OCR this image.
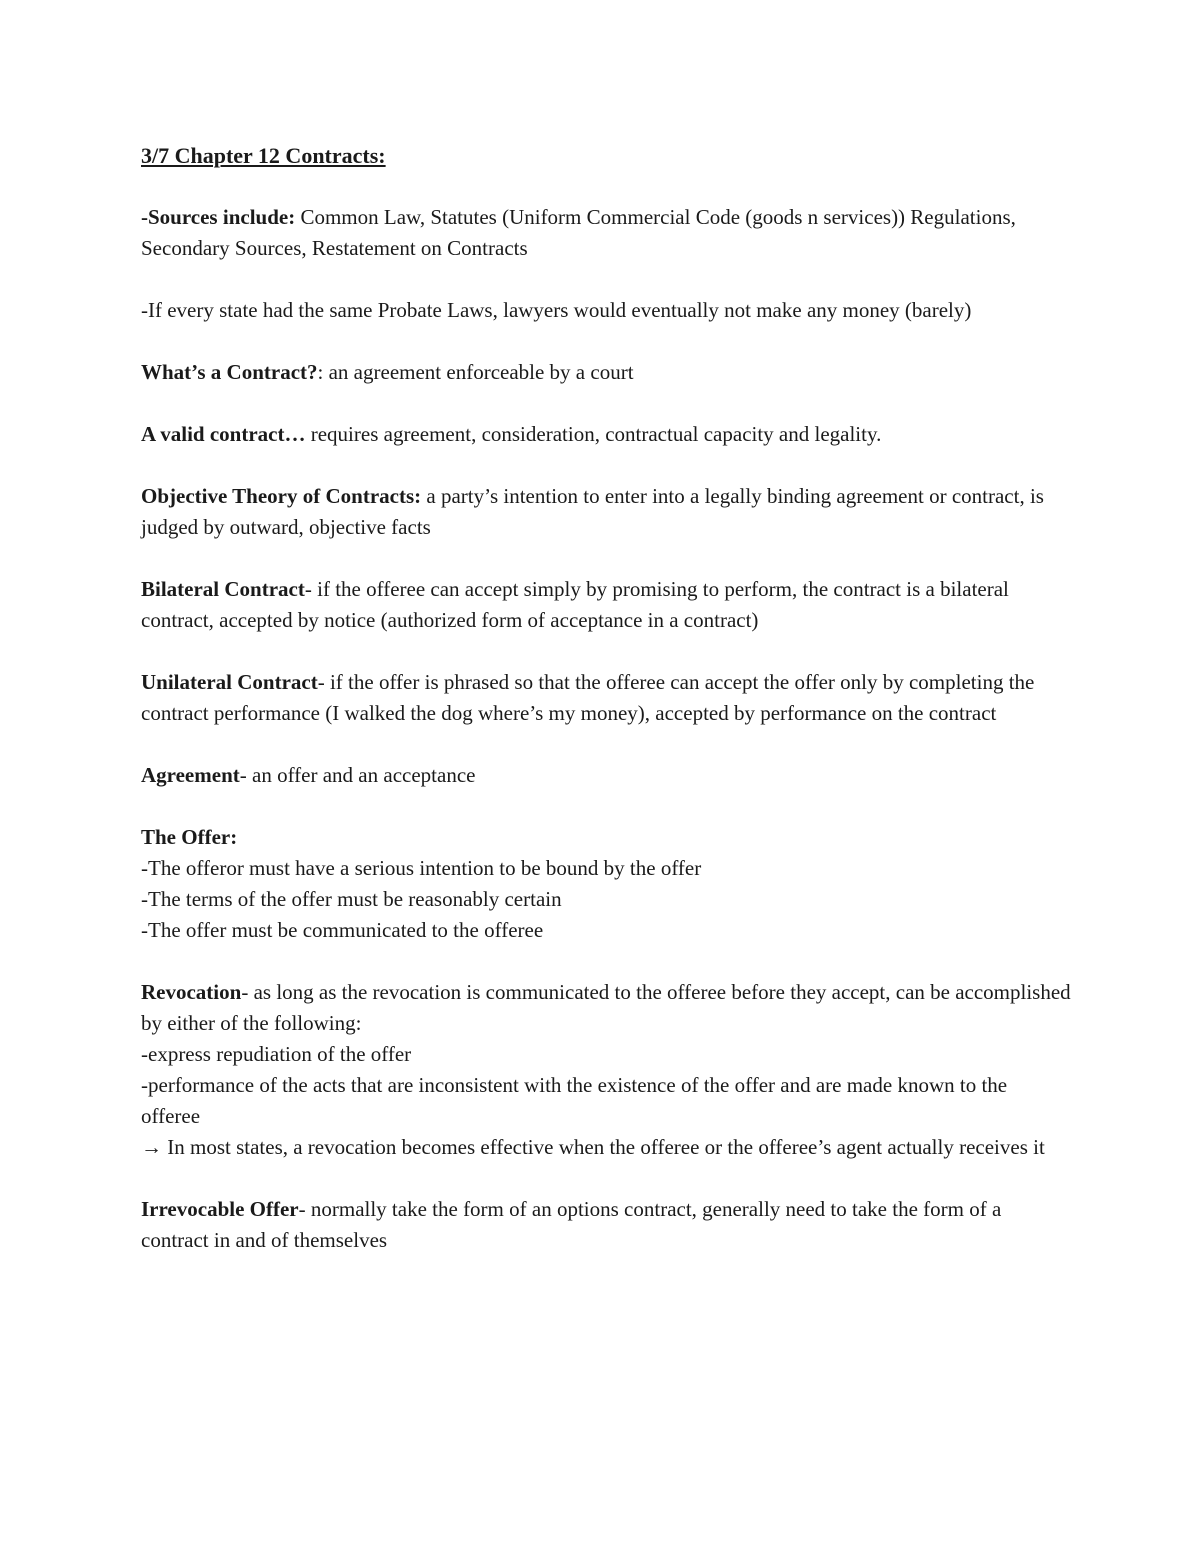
3/7 Chapter 12 Contracts:
-Sources include: Common Law, Statutes (Uniform Commercial Code (goods n services)) Regulations, Secondary Sources, Restatement on Contracts
-If every state had the same Probate Laws, lawyers would eventually not make any money (barely)
What’s a Contract?: an agreement enforceable by a court
A valid contract… requires agreement, consideration, contractual capacity and legality.
Objective Theory of Contracts: a party’s intention to enter into a legally binding agreement or contract, is judged by outward, objective facts
Bilateral Contract- if the offeree can accept simply by promising to perform, the contract is a bilateral contract, accepted by notice (authorized form of acceptance in a contract)
Unilateral Contract- if the offer is phrased so that the offeree can accept the offer only by completing the contract performance (I walked the dog where’s my money), accepted by performance on the contract
Agreement- an offer and an acceptance
The Offer:
-The offeror must have a serious intention to be bound by the offer
-The terms of the offer must be reasonably certain
-The offer must be communicated to the offeree
Revocation- as long as the revocation is communicated to the offeree before they accept, can be accomplished by either of the following:
-express repudiation of the offer
-performance of the acts that are inconsistent with the existence of the offer and are made known to the offeree
→ In most states, a revocation becomes effective when the offeree or the offeree’s agent actually receives it
Irrevocable Offer- normally take the form of an options contract, generally need to take the form of a contract in and of themselves
